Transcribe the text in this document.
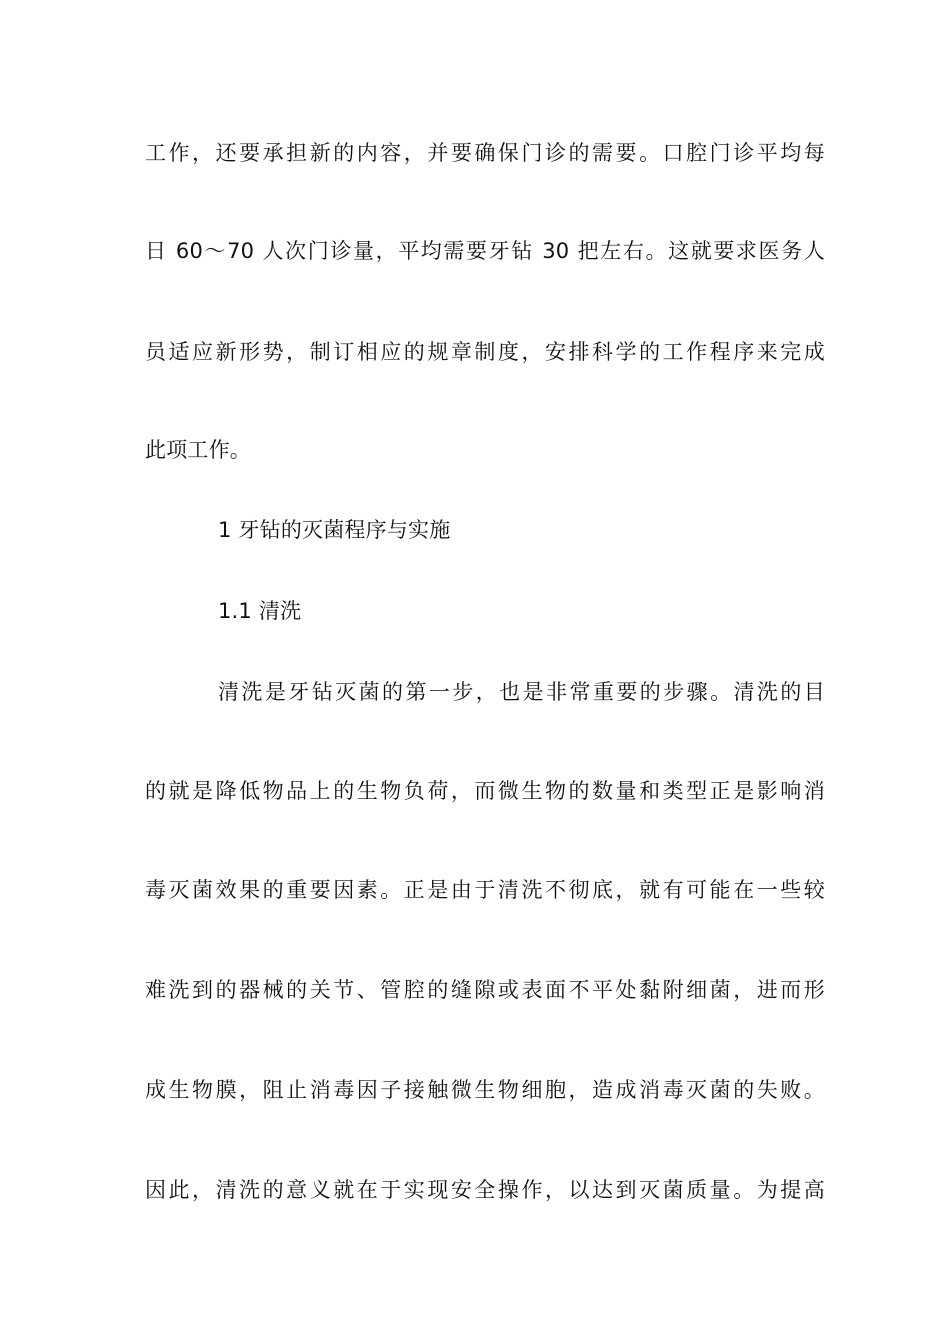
工作，还要承担新的内容，并要确保门诊的需要。口腔门诊平均每
日 60～70 人次门诊量，平均需要牙钻 30 把左右。这就要求医务人
员适应新形势，制订相应的规章制度，安排科学的工作程序来完成
此项工作。
1 牙钻的灭菌程序与实施
1.1 清洗
清洗是牙钻灭菌的第一步，也是非常重要的步骤。清洗的目
的就是降低物品上的生物负荷，而微生物的数量和类型正是影响消
毒灭菌效果的重要因素。正是由于清洗不彻底，就有可能在一些较
难洗到的器械的关节、管腔的缝隙或表面不平处黏附细菌，进而形
成生物膜，阻止消毒因子接触微生物细胞，造成消毒灭菌的失败。
因此，清洗的意义就在于实现安全操作，以达到灭菌质量。为提高
